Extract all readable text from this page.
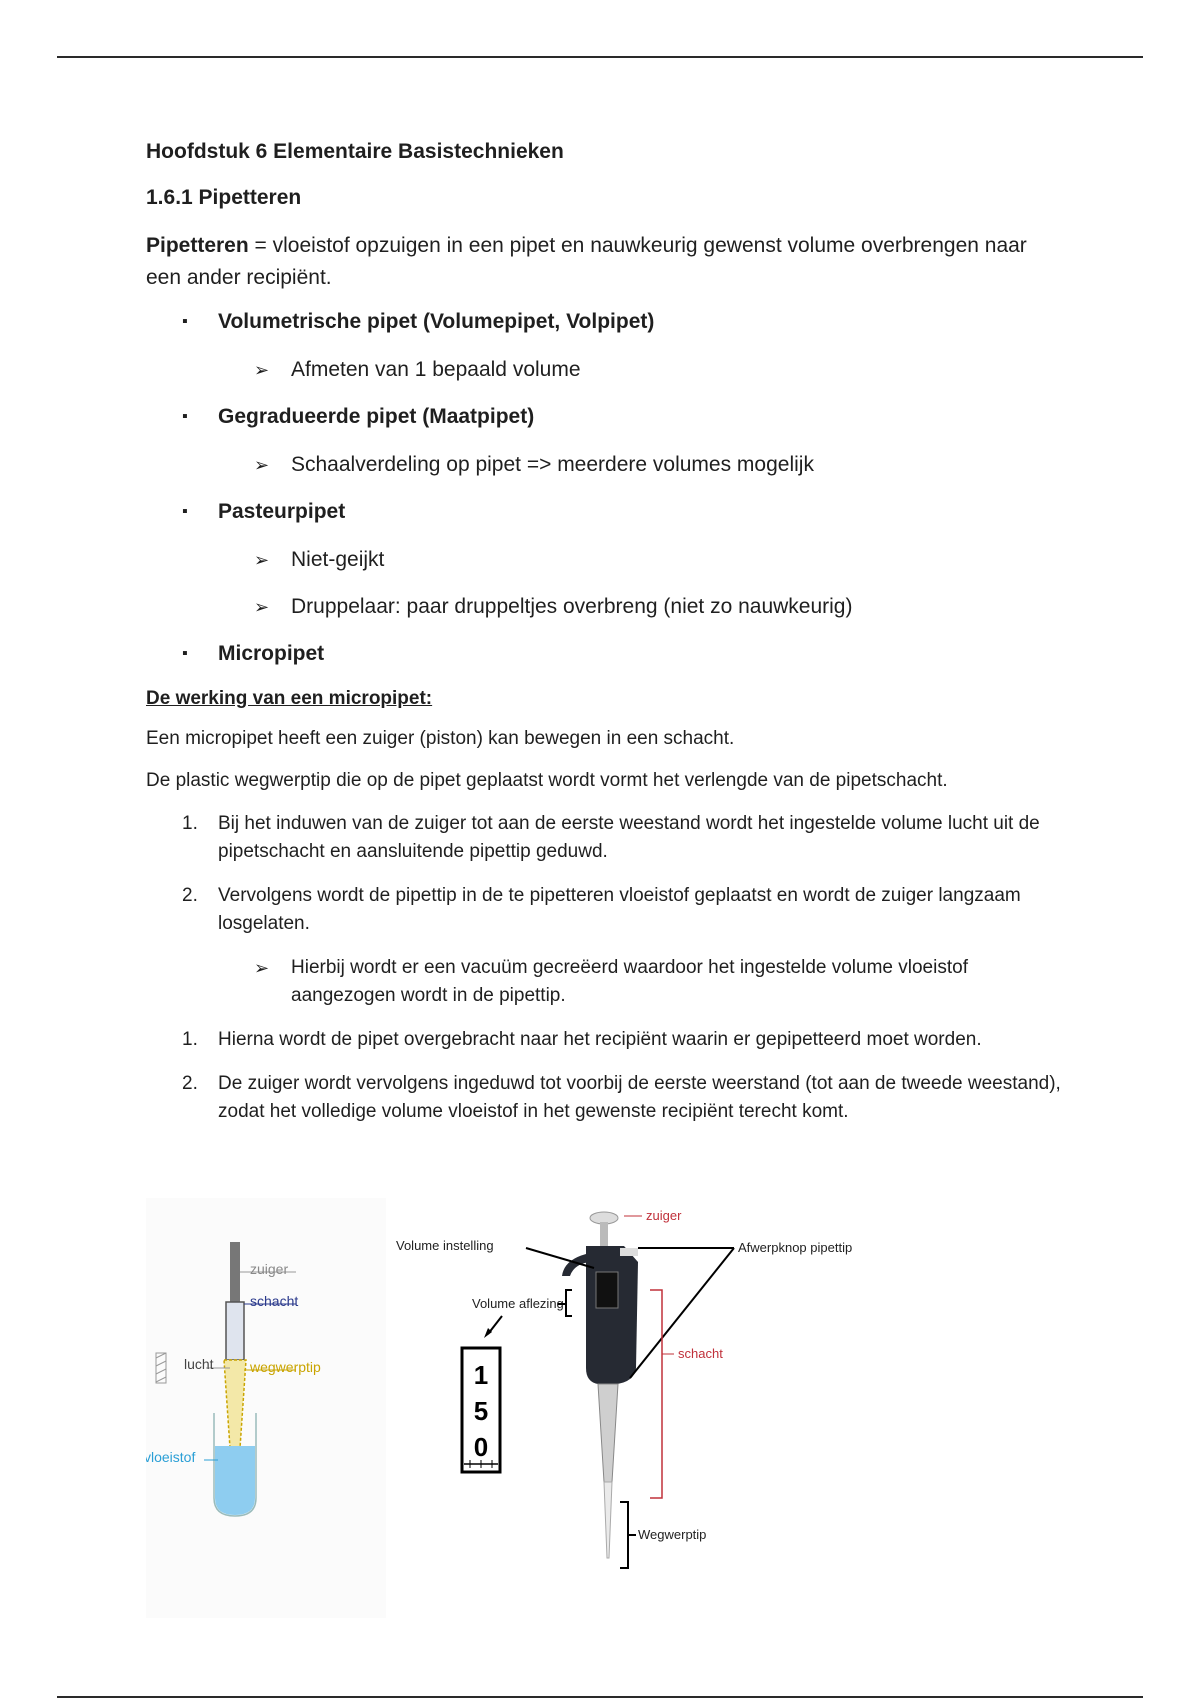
Hoofdstuk 6 Elementaire Basistechnieken
1.6.1 Pipetteren
Pipetteren = vloeistof opzuigen in een pipet en nauwkeurig gewenst volume overbrengen naar een ander recipiënt.
▪ Volumetrische pipet (Volumepipet, Volpipet)
➢ Afmeten van 1 bepaald volume
▪ Gegradueerde pipet (Maatpipet)
➢ Schaalverdeling op pipet => meerdere volumes mogelijk
▪ Pasteurpipet
➢ Niet-geijkt
➢ Druppelaar: paar druppeltjes overbreng (niet zo nauwkeurig)
▪ Micropipet
De werking van een micropipet:
Een micropipet heeft een zuiger (piston) kan bewegen in een schacht.
De plastic wegwerptip die op de pipet geplaatst wordt vormt het verlengde van de pipetschacht.
1. Bij het induwen van de zuiger tot aan de eerste weestand wordt het ingestelde volume lucht uit de pipetschacht en aansluitende pipettip geduwd.
2. Vervolgens wordt de pipettip in de te pipetteren vloeistof geplaatst en wordt de zuiger langzaam losgelaten.
➢ Hierbij wordt er een vacuüm gecreëerd waardoor het ingestelde volume vloeistof aangezogen wordt in de pipettip.
1. Hierna wordt de pipet overgebracht naar het recipiënt waarin er gepipetteerd moet worden.
2. De zuiger wordt vervolgens ingeduwd tot voorbij de eerste weerstand (tot aan de tweede weestand), zodat het volledige volume vloeistof in het gewenste recipiënt terecht komt.
zuiger
schacht
lucht	wegwerptip
vloeistof
zuiger
Volume instelling	Afwerpknop pipettip
Volume aflezing
1
5
0
schacht
Wegwerptip
